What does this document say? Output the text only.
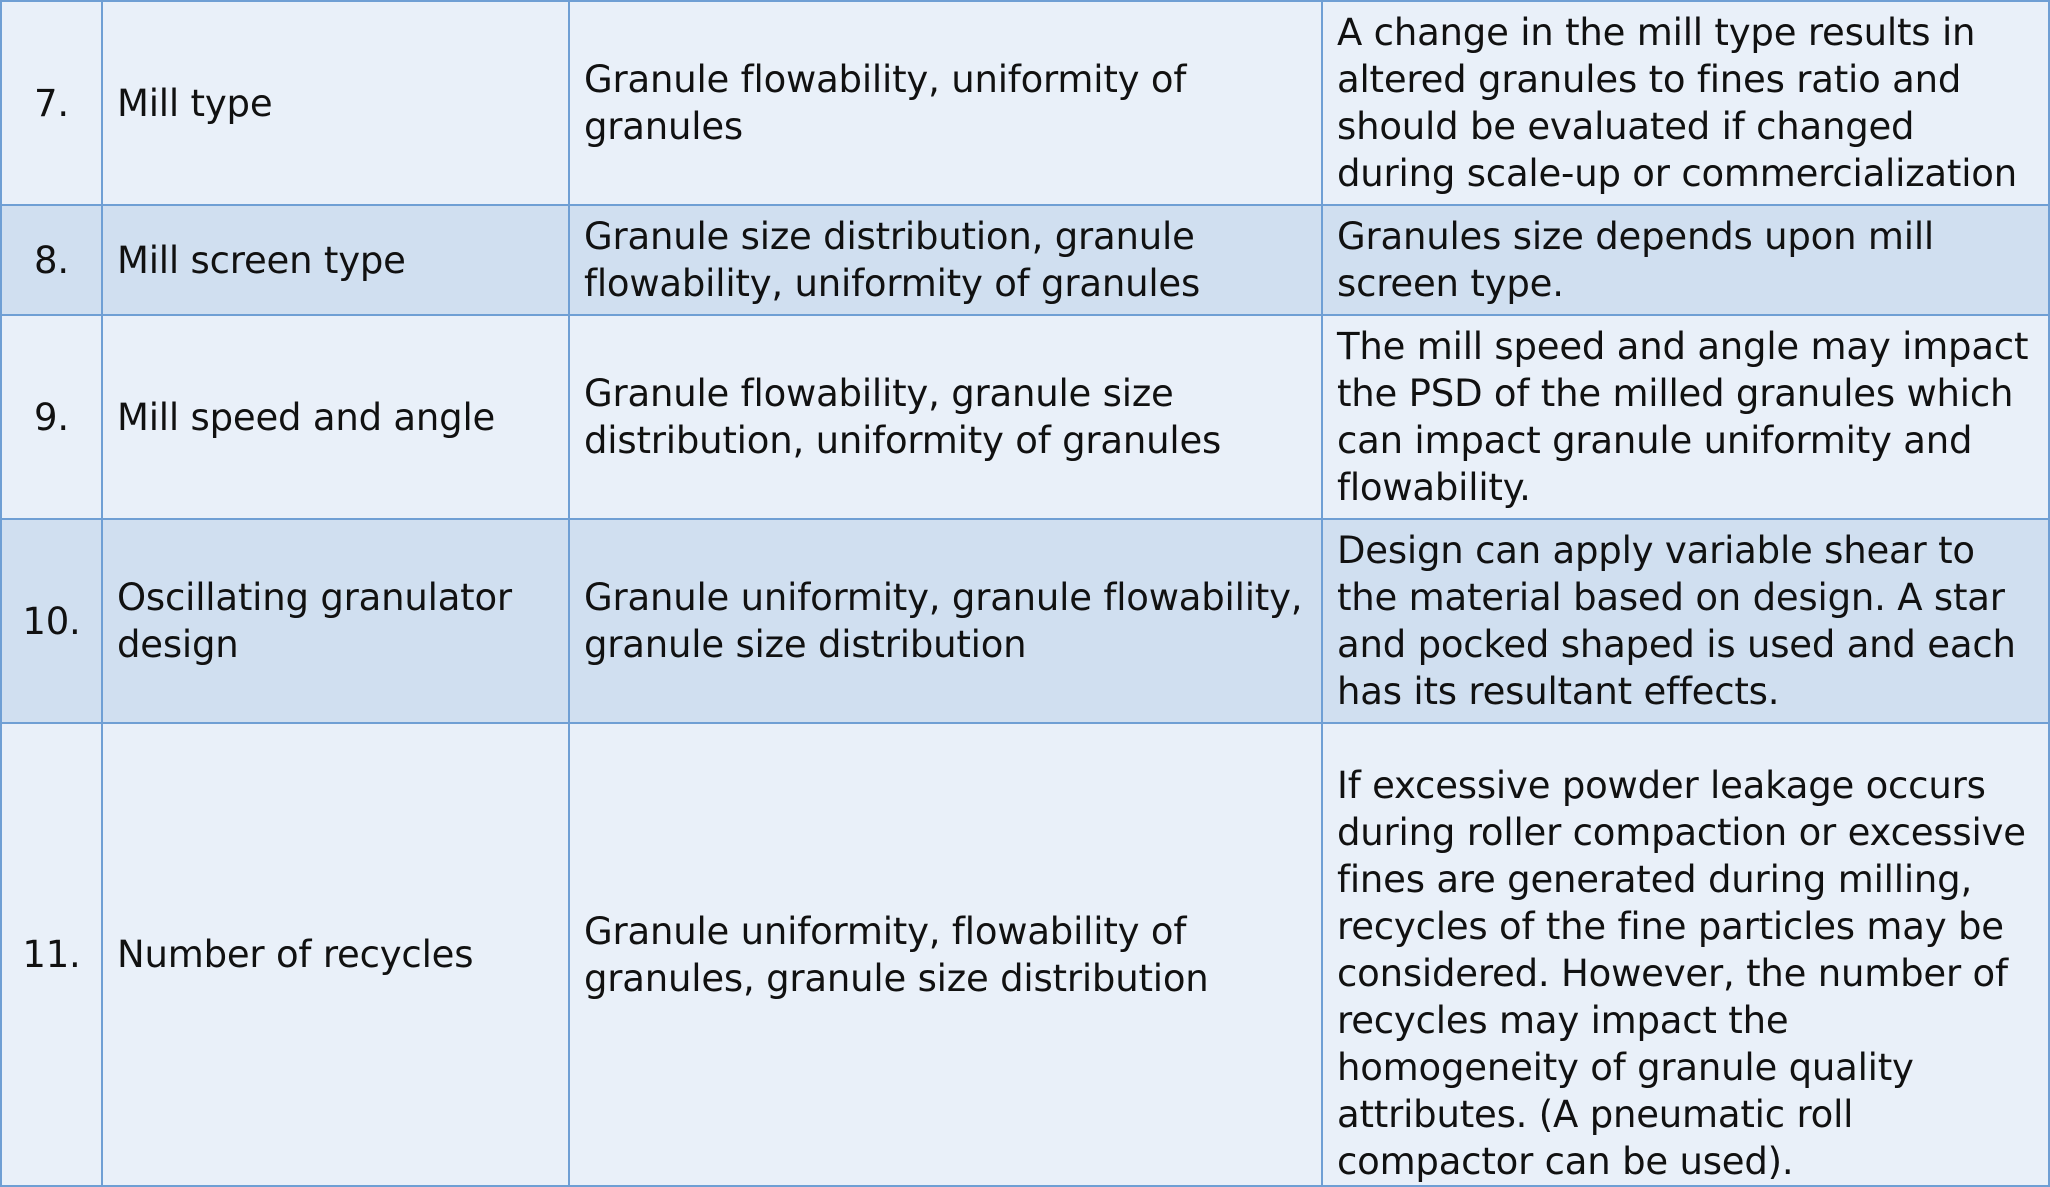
7.	Mill type	Granule flowability, uniformity of granules	A change in the mill type results in altered granules to fines ratio and should be evaluated if changed during scale-up or commercialization
8.	Mill screen type	Granule size distribution, granule flowability, uniformity of granules	Granules size depends upon mill screen type.
9.	Mill speed and angle	Granule flowability, granule size distribution, uniformity of granules	The mill speed and angle may impact the PSD of the milled granules which can impact granule uniformity and flowability.
10.	Oscillating granulator design	Granule uniformity, granule flowability, granule size distribution	Design can apply variable shear to the material based on design. A star and pocked shaped is used and each has its resultant effects.
11.	Number of recycles	Granule uniformity, flowability of granules, granule size distribution	If excessive powder leakage occurs during roller compaction or excessive fines are generated during milling, recycles of the fine particles may be considered. However, the number of recycles may impact the homogeneity of granule quality attributes. (A pneumatic roll compactor can be used).
